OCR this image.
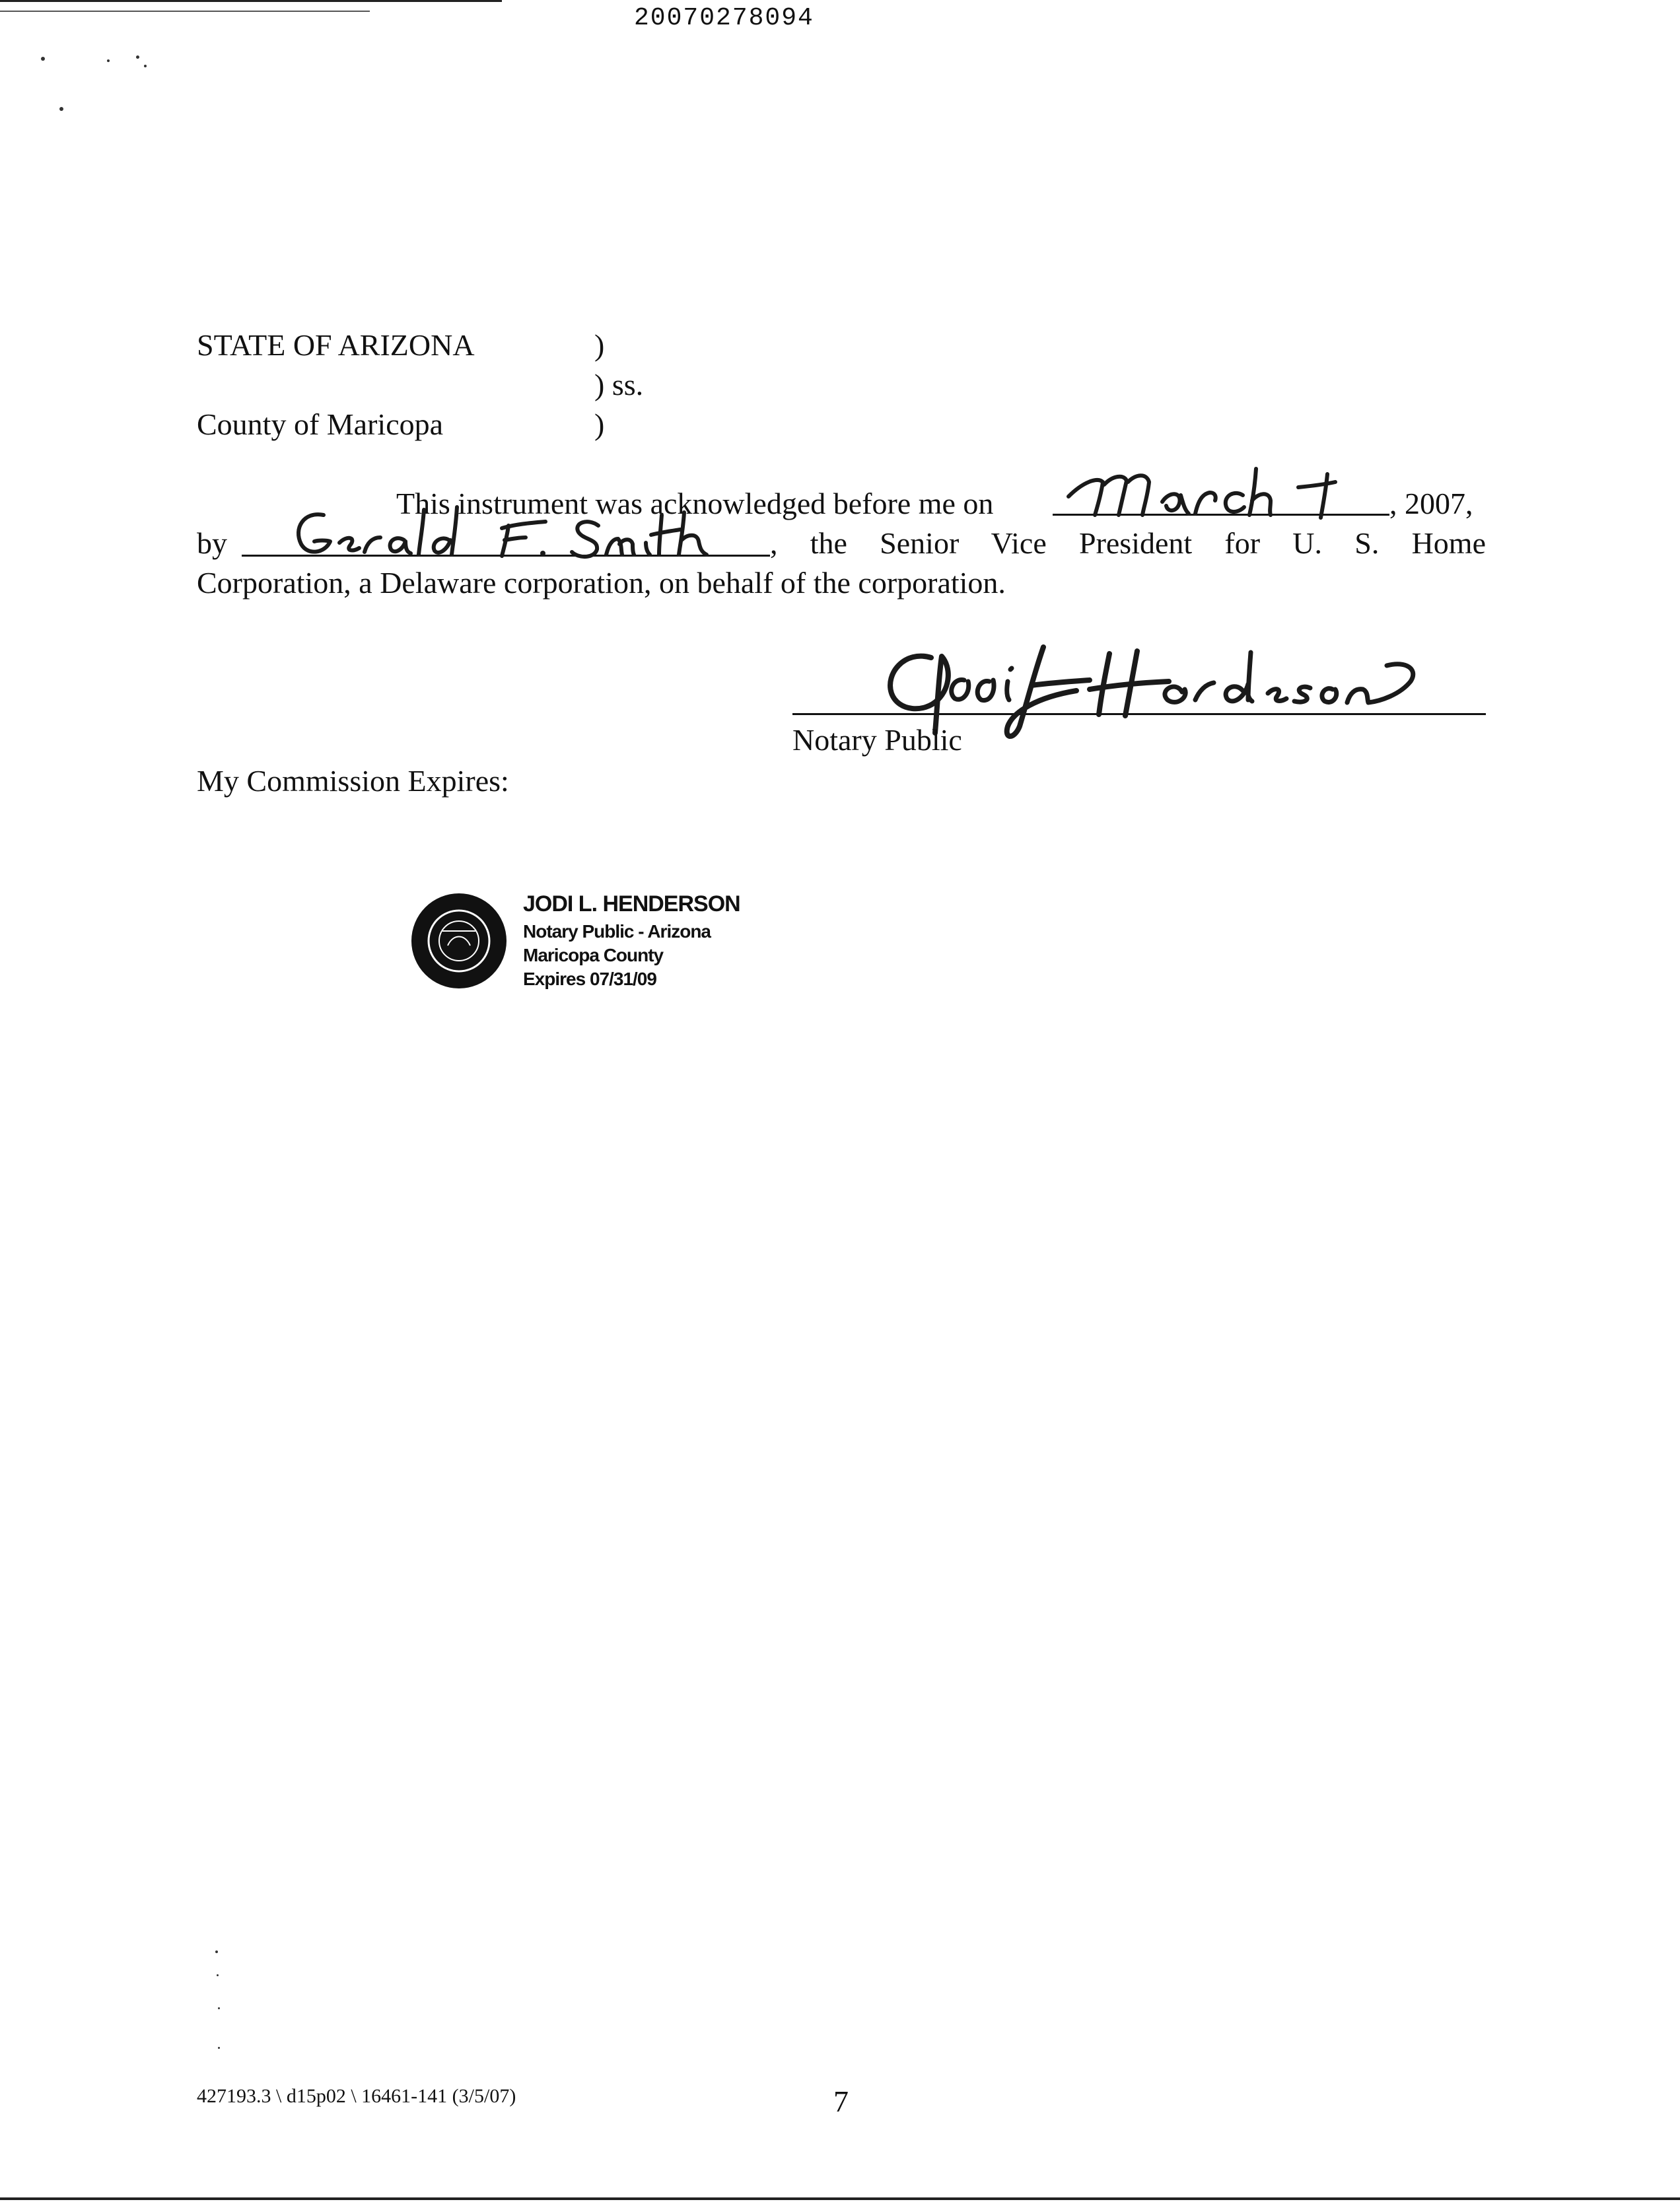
20070278094
STATE OF ARIZONA	)
) ss.
County of Maricopa	)
This instrument was acknowledged before me on	, 2007,
by	, the Senior Vice President for U. S. Home
Corporation, a Delaware corporation, on behalf of the corporation.
Notary Public
My Commission Expires:
JODI L. HENDERSON
Notary Public - Arizona
Maricopa County
Expires 07/31/09
427193.3 \ d15p02 \ 16461-141 (3/5/07)	7
